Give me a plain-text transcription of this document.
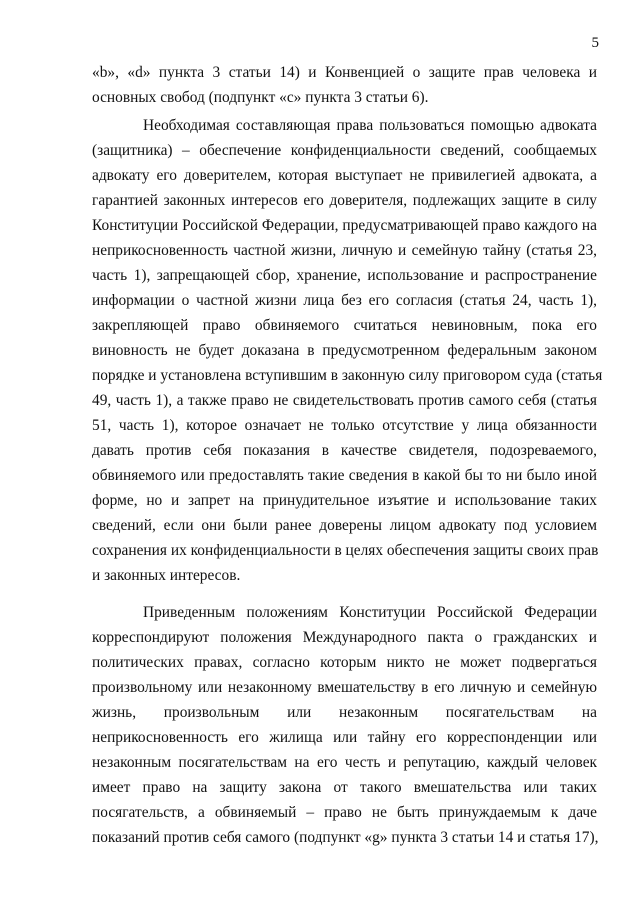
5
«b», «d» пункта 3 статьи 14) и Конвенцией о защите прав человека и
основных свобод (подпункт «с» пункта 3 статьи 6).
Необходимая составляющая права пользоваться помощью адвоката
(защитника) – обеспечение конфиденциальности сведений, сообщаемых
адвокату его доверителем, которая выступает не привилегией адвоката, а
гарантией законных интересов его доверителя, подлежащих защите в силу
Конституции Российской Федерации, предусматривающей право каждого на
неприкосновенность частной жизни, личную и семейную тайну (статья 23,
часть 1), запрещающей сбор, хранение, использование и распространение
информации о частной жизни лица без его согласия (статья 24, часть 1),
закрепляющей право обвиняемого считаться невиновным, пока его
виновность не будет доказана в предусмотренном федеральным законом
порядке и установлена вступившим в законную силу приговором суда (статья
49, часть 1), а также право не свидетельствовать против самого себя (статья
51, часть 1), которое означает не только отсутствие у лица обязанности
давать против себя показания в качестве свидетеля, подозреваемого,
обвиняемого или предоставлять такие сведения в какой бы то ни было иной
форме, но и запрет на принудительное изъятие и использование таких
сведений, если они были ранее доверены лицом адвокату под условием
сохранения их конфиденциальности в целях обеспечения защиты своих прав
и законных интересов.
Приведенным положениям Конституции Российской Федерации
корреспондируют положения Международного пакта о гражданских и
политических правах, согласно которым никто не может подвергаться
произвольному или незаконному вмешательству в его личную и семейную
жизнь, произвольным или незаконным посягательствам на
неприкосновенность его жилища или тайну его корреспонденции или
незаконным посягательствам на его честь и репутацию, каждый человек
имеет право на защиту закона от такого вмешательства или таких
посягательств, а обвиняемый – право не быть принуждаемым к даче
показаний против себя самого (подпункт «g» пункта 3 статьи 14 и статья 17),
